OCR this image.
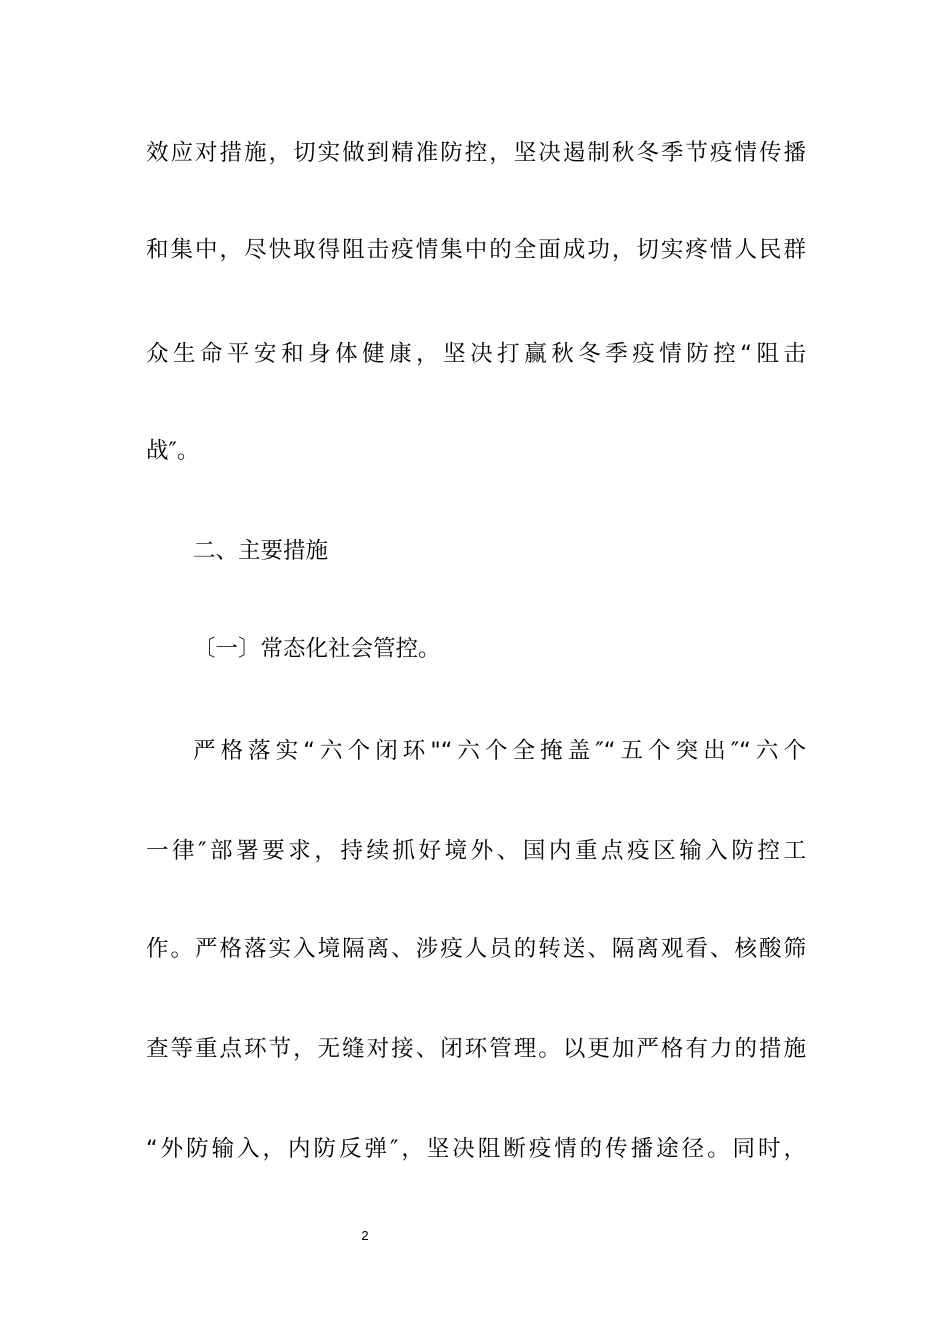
效应对措施，切实做到精准防控，坚决遏制秋冬季节疫情传播
和集中，尽快取得阻击疫情集中的全面成功，切实疼惜人民群
众生命平安和身体健康，坚决打赢秋冬季疫情防控“阻击
战″。
二、主要措施
〔一〕常态化社会管控。
严格落实“六个闭环"“六个全掩盖″“五个突出″“六个
一律″部署要求，持续抓好境外、国内重点疫区输入防控工
作。严格落实入境隔离、涉疫人员的转送、隔离观看、核酸筛
查等重点环节，无缝对接、闭环管理。以更加严格有力的措施
“外防输入，内防反弹″，坚决阻断疫情的传播途径。同时，
2
